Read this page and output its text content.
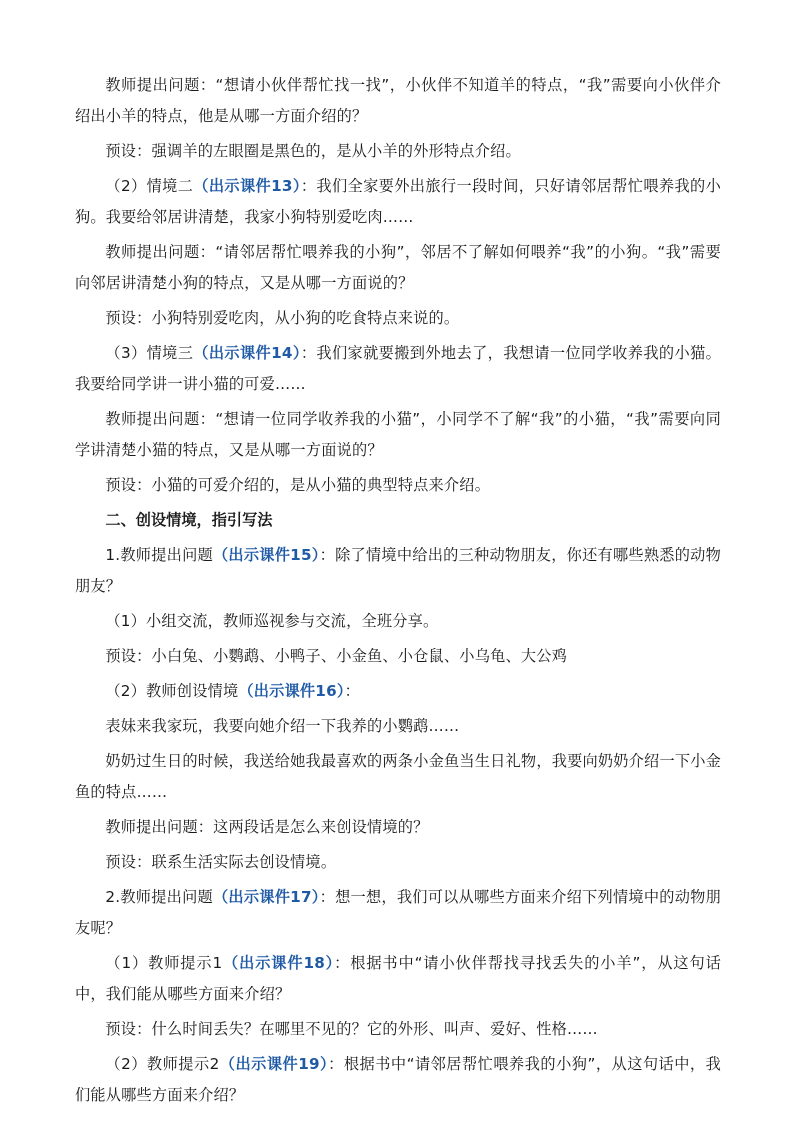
教师提出问题：“想请小伙伴帮忙找一找”，小伙伴不知道羊的特点，“我”需要向小伙伴介绍出小羊的特点，他是从哪一方面介绍的？

预设：强调羊的左眼圈是黑色的，是从小羊的外形特点介绍。

（2）情境二（出示课件13）：我们全家要外出旅行一段时间，只好请邻居帮忙喂养我的小狗。我要给邻居讲清楚，我家小狗特别爱吃肉……

教师提出问题：“请邻居帮忙喂养我的小狗”，邻居不了解如何喂养“我”的小狗。“我”需要向邻居讲清楚小狗的特点，又是从哪一方面说的？

预设：小狗特别爱吃肉，从小狗的吃食特点来说的。

（3）情境三（出示课件14）：我们家就要搬到外地去了，我想请一位同学收养我的小猫。我要给同学讲一讲小猫的可爱……

教师提出问题：“想请一位同学收养我的小猫”，小同学不了解“我”的小猫，“我”需要向同学讲清楚小猫的特点，又是从哪一方面说的？

预设：小猫的可爱介绍的，是从小猫的典型特点来介绍。

二、创设情境，指引写法

1.教师提出问题（出示课件15）：除了情境中给出的三种动物朋友，你还有哪些熟悉的动物朋友？

（1）小组交流，教师巡视参与交流，全班分享。

预设：小白兔、小鹦鹉、小鸭子、小金鱼、小仓鼠、小乌龟、大公鸡

（2）教师创设情境（出示课件16）：

表妹来我家玩，我要向她介绍一下我养的小鹦鹉……

奶奶过生日的时候，我送给她我最喜欢的两条小金鱼当生日礼物，我要向奶奶介绍一下小金鱼的特点……

教师提出问题：这两段话是怎么来创设情境的？

预设：联系生活实际去创设情境。

2.教师提出问题（出示课件17）：想一想，我们可以从哪些方面来介绍下列情境中的动物朋友呢？

（1）教师提示1（出示课件18）：根据书中“请小伙伴帮找寻找丢失的小羊”，从这句话中，我们能从哪些方面来介绍？

预设：什么时间丢失？在哪里不见的？它的外形、叫声、爱好、性格……

（2）教师提示2（出示课件19）：根据书中“请邻居帮忙喂养我的小狗”，从这句话中，我们能从哪些方面来介绍？
